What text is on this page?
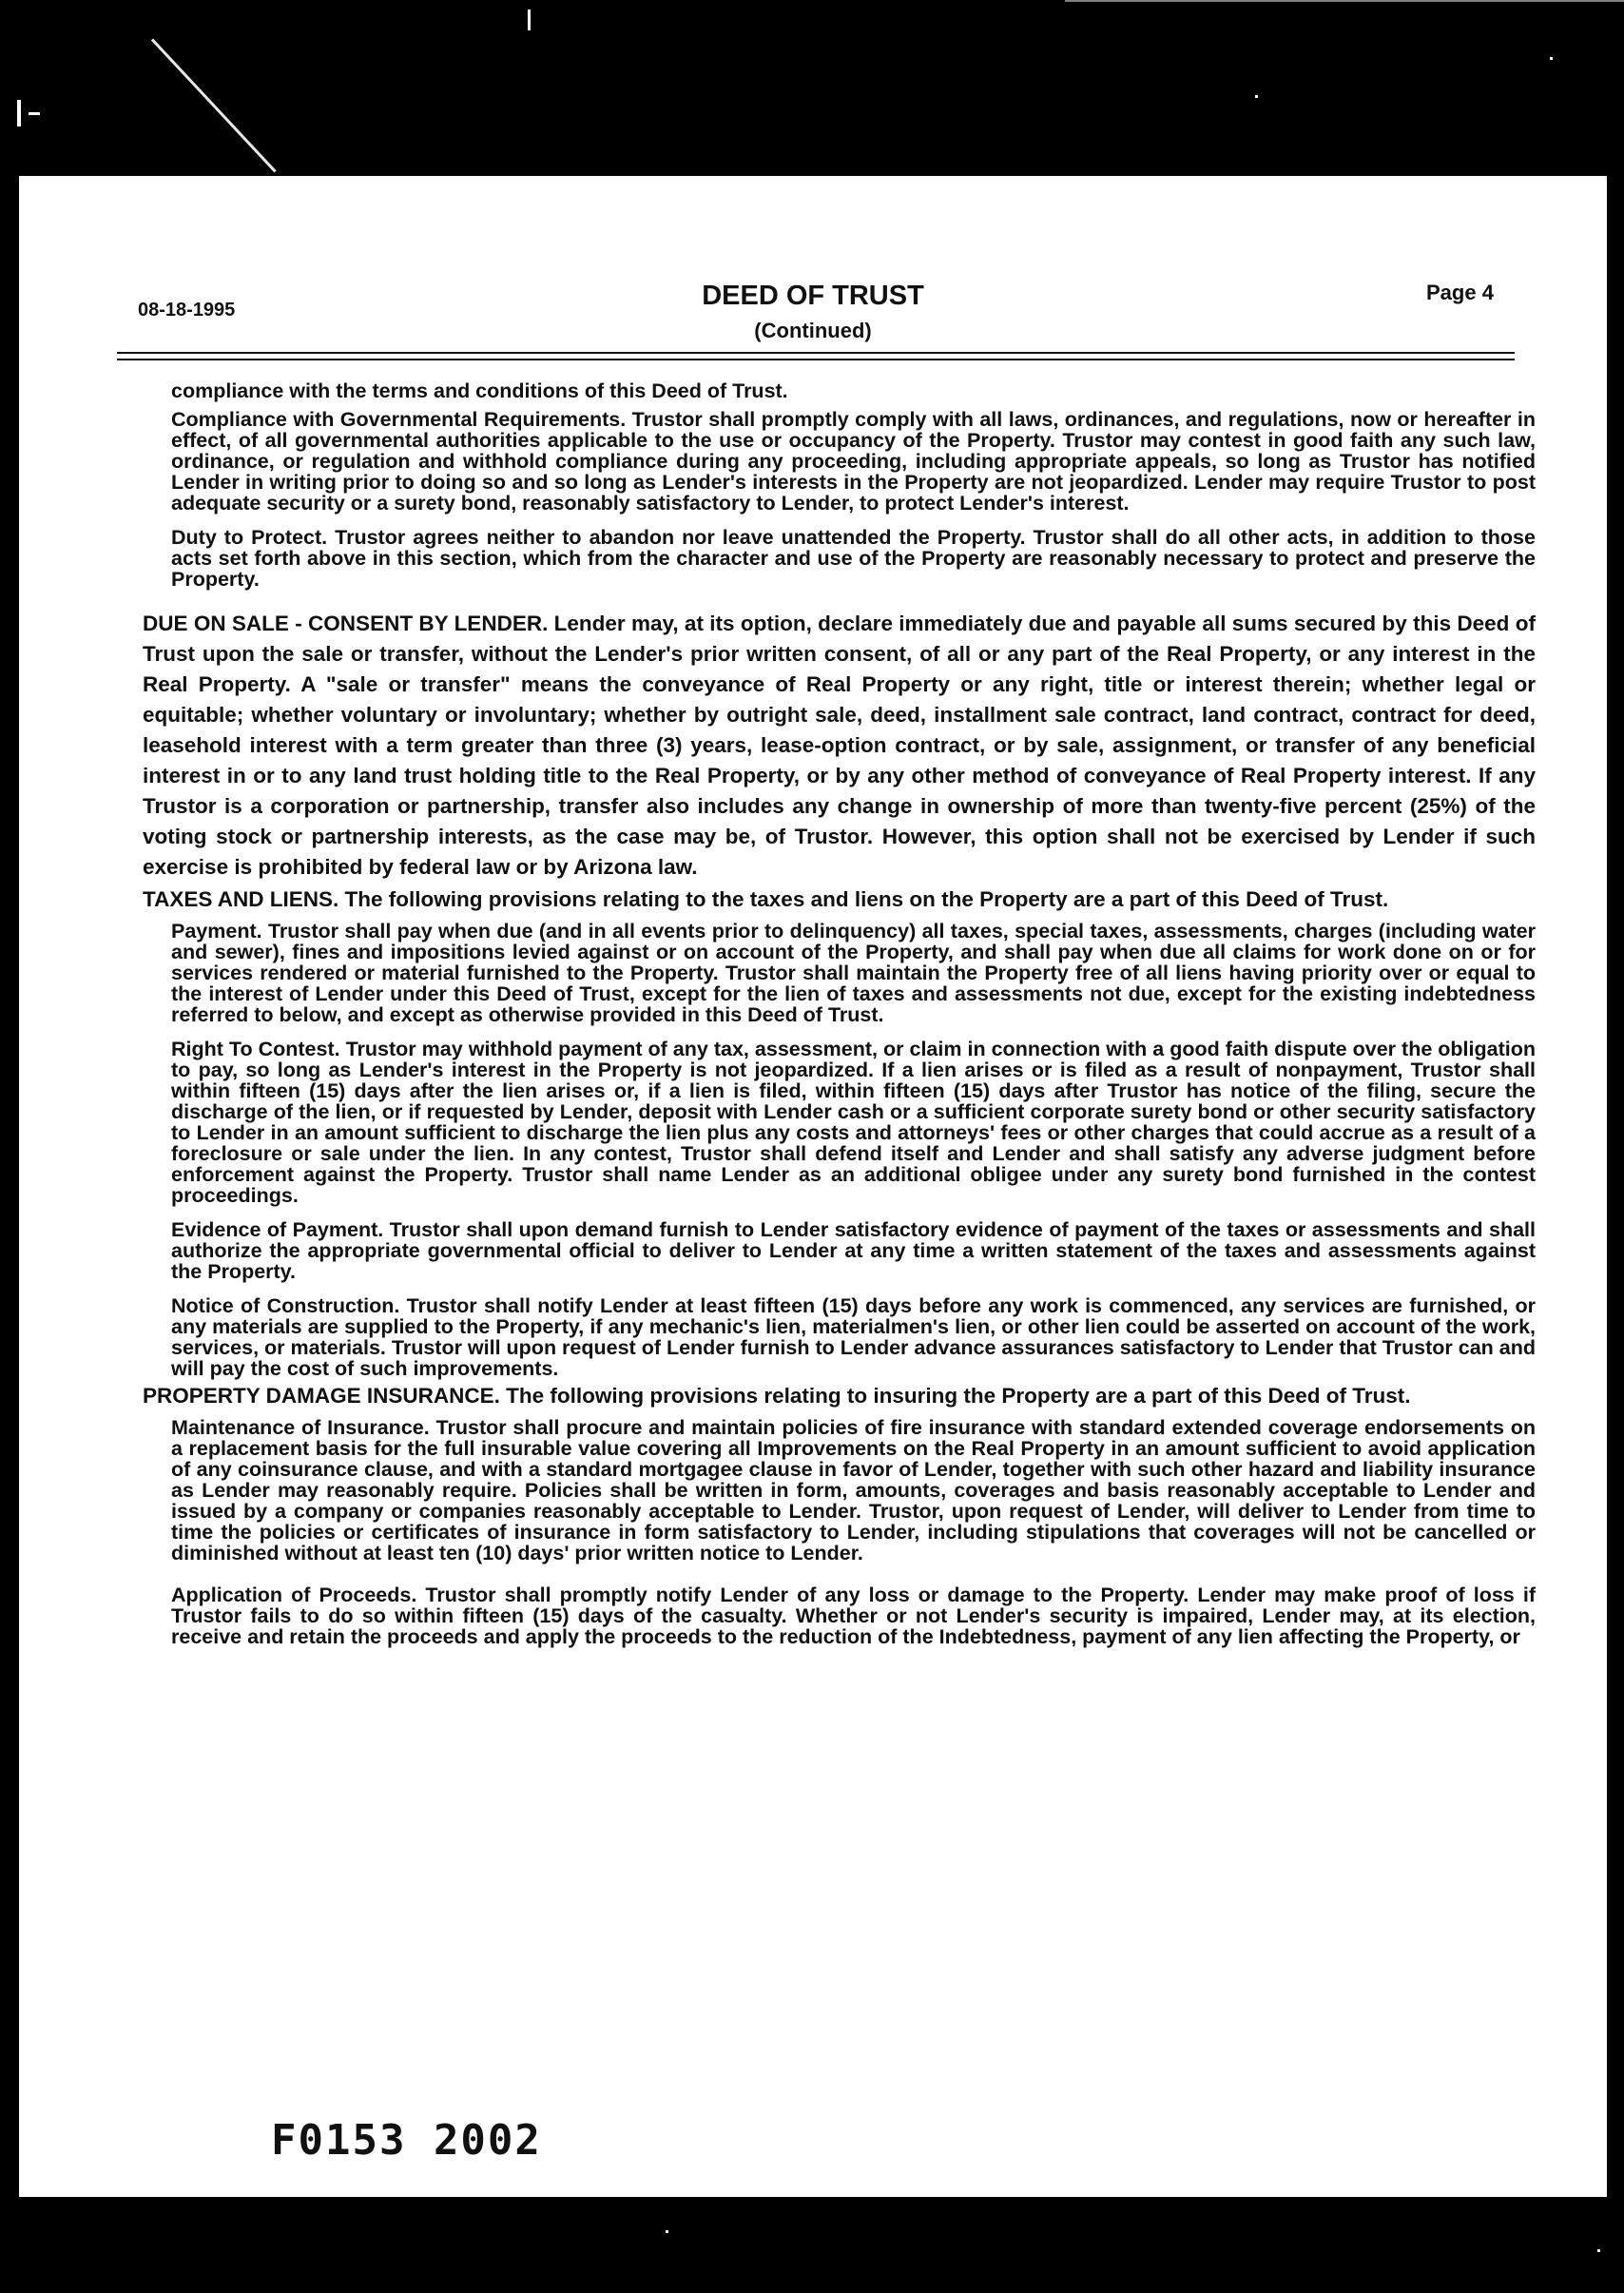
08-18-1995	DEED OF TRUST
(Continued)
Page 4

compliance with the terms and conditions of this Deed of Trust.

Compliance with Governmental Requirements. Trustor shall promptly comply with all laws, ordinances, and regulations, now or hereafter in effect, of all governmental authorities applicable to the use or occupancy of the Property. Trustor may contest in good faith any such law, ordinance, or regulation and withhold compliance during any proceeding, including appropriate appeals, so long as Trustor has notified Lender in writing prior to doing so and so long as Lender's interests in the Property are not jeopardized. Lender may require Trustor to post adequate security or a surety bond, reasonably satisfactory to Lender, to protect Lender's interest.

Duty to Protect. Trustor agrees neither to abandon nor leave unattended the Property. Trustor shall do all other acts, in addition to those acts set forth above in this section, which from the character and use of the Property are reasonably necessary to protect and preserve the Property.

DUE ON SALE - CONSENT BY LENDER. Lender may, at its option, declare immediately due and payable all sums secured by this Deed of Trust upon the sale or transfer, without the Lender's prior written consent, of all or any part of the Real Property, or any interest in the Real Property. A "sale or transfer" means the conveyance of Real Property or any right, title or interest therein; whether legal or equitable; whether voluntary or involuntary; whether by outright sale, deed, installment sale contract, land contract, contract for deed, leasehold interest with a term greater than three (3) years, lease-option contract, or by sale, assignment, or transfer of any beneficial interest in or to any land trust holding title to the Real Property, or by any other method of conveyance of Real Property interest. If any Trustor is a corporation or partnership, transfer also includes any change in ownership of more than twenty-five percent (25%) of the voting stock or partnership interests, as the case may be, of Trustor. However, this option shall not be exercised by Lender if such exercise is prohibited by federal law or by Arizona law.

TAXES AND LIENS. The following provisions relating to the taxes and liens on the Property are a part of this Deed of Trust.

Payment. Trustor shall pay when due (and in all events prior to delinquency) all taxes, special taxes, assessments, charges (including water and sewer), fines and impositions levied against or on account of the Property, and shall pay when due all claims for work done on or for services rendered or material furnished to the Property. Trustor shall maintain the Property free of all liens having priority over or equal to the interest of Lender under this Deed of Trust, except for the lien of taxes and assessments not due, except for the existing indebtedness referred to below, and except as otherwise provided in this Deed of Trust.

Right To Contest. Trustor may withhold payment of any tax, assessment, or claim in connection with a good faith dispute over the obligation to pay, so long as Lender's interest in the Property is not jeopardized. If a lien arises or is filed as a result of nonpayment, Trustor shall within fifteen (15) days after the lien arises or, if a lien is filed, within fifteen (15) days after Trustor has notice of the filing, secure the discharge of the lien, or if requested by Lender, deposit with Lender cash or a sufficient corporate surety bond or other security satisfactory to Lender in an amount sufficient to discharge the lien plus any costs and attorneys' fees or other charges that could accrue as a result of a foreclosure or sale under the lien. In any contest, Trustor shall defend itself and Lender and shall satisfy any adverse judgment before enforcement against the Property. Trustor shall name Lender as an additional obligee under any surety bond furnished in the contest proceedings.

Evidence of Payment. Trustor shall upon demand furnish to Lender satisfactory evidence of payment of the taxes or assessments and shall authorize the appropriate governmental official to deliver to Lender at any time a written statement of the taxes and assessments against the Property.

Notice of Construction. Trustor shall notify Lender at least fifteen (15) days before any work is commenced, any services are furnished, or any materials are supplied to the Property, if any mechanic's lien, materialmen's lien, or other lien could be asserted on account of the work, services, or materials. Trustor will upon request of Lender furnish to Lender advance assurances satisfactory to Lender that Trustor can and will pay the cost of such improvements.

PROPERTY DAMAGE INSURANCE. The following provisions relating to insuring the Property are a part of this Deed of Trust.

Maintenance of Insurance. Trustor shall procure and maintain policies of fire insurance with standard extended coverage endorsements on a replacement basis for the full insurable value covering all Improvements on the Real Property in an amount sufficient to avoid application of any coinsurance clause, and with a standard mortgagee clause in favor of Lender, together with such other hazard and liability insurance as Lender may reasonably require. Policies shall be written in form, amounts, coverages and basis reasonably acceptable to Lender and issued by a company or companies reasonably acceptable to Lender. Trustor, upon request of Lender, will deliver to Lender from time to time the policies or certificates of insurance in form satisfactory to Lender, including stipulations that coverages will not be cancelled or diminished without at least ten (10) days' prior written notice to Lender.

Application of Proceeds. Trustor shall promptly notify Lender of any loss or damage to the Property. Lender may make proof of loss if Trustor fails to do so within fifteen (15) days of the casualty. Whether or not Lender's security is impaired, Lender may, at its election, receive and retain the proceeds and apply the proceeds to the reduction of the Indebtedness, payment of any lien affecting the Property, or

F0153 2002
